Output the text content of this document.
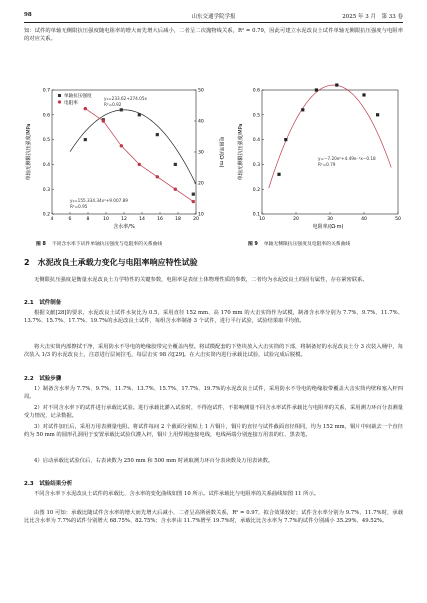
98	山东交通学院学报	2025 年 3 月　第 33 卷
知：试件的单轴无侧限抗压强度随电阻率的增大而先增大后减小，二者呈二次抛物线关系，R² = 0.79，因此可建立水泥改良土试件单轴无侧限抗压强度与电阻率的对应关系。
4	6	8	10	12	14	16	18	20
0.2
0.3
0.4
0.5
0.6
0.7
10
20
30
40
50
含水率/%
单轴无侧限抗压强度/MPa	电阻率/(Ω·m)
单轴抗压强度
电阻率
y₁=233.62+274.05x
R²=0.92
y₂=155.334.34x²+9 007.89
R²=0.95
10	20	30	40	50
0.1
0.2
0.3
0.4
0.5
0.6
电阻率/(Ω·m)
单轴无侧限抗压强度/MPa	y=−7.20e⁵+4.49e⁻²x−0.18
R²=0.79
图 8 不同含水率下试件单轴抗压强度与电阻率的关系曲线	图 9 单轴无侧限抗压强度及电阻率的关系曲线
2　水泥改良土承载力变化与电阻率响应特性试验
无侧限抗压强度是衡量水泥改良土力学特性的关键参数，电阻率是表征土体物理性质的参数，二者均为水泥改良土的固有属性，存在紧密联系。
2.1　试件制备
根据文献[28]的要求，水泥改良土试件水灰比为 0.5，采用直径 152 mm、高 170 mm 的大击实筒作为试模，制备含水率分别为 7.7%、9.7%、11.7%、13.7%、15.7%、17.7%、19.7%的水泥改良土试件，每组含水率制备 3 个试件，进行平行试验，试验结果取平均值。
将大击实筒内部擦拭干净，采用防水不导电的绝缘胶带完全覆盖内壁。将试模配套的下垫块放入大击实筒的下部，将制备好的水泥改良土分 3 次装入桶中，每次装入 1/3 的水泥改良土，注意进行层间拉毛，每层击实 98 次[29]。在大击实筒内进行承载比试验，试验完成后脱模。
2.2　试验步骤
1）制备含水率为 7.7%、9.7%、11.7%、13.7%、15.7%、17.7%、19.7%的水泥改良土试件，采用防水不导电的绝缘胶带覆盖大击实筒内壁和塞入杆四周。
2）对不同含水率下的试件进行承载比试验。进行承载比灌入试验时，不得泡试件，不影响测量不同含水率试件承载比与电阻率的关系，采用测力环百分表测量受力情况，记录数据。
3）对试件加压后，采用万用表测量电阻。将试件每间 2 个截面分别贴上 1 片铜片，铜片的直径与试件截面直径相同，均为 152 mm，铜片中间裁去一个直径约为 50 mm 的圆形孔洞用于安置承载比试验仪灌入杆，铜片上用焊锡连接电线，电线两端分别连接万用表的红、黑表笔。
4）启动承载比试验仪后，右表读数为 250 mm 和 500 mm 时读取测力环百分表读数及万用表读数。
2.3　试验结果分析
不同含水率下水泥改良土试件的承载比、含水率的变化曲线如图 10 所示。试件承载比与电阻率的关系曲线如图 11 所示。
由图 10 可知：承载比随试件含水率的增大而先增大后减小，二者呈高斯函数关系，R² = 0.97，拟合效果较好；试件含水率分别为 9.7%、11.7%时，承载比比含水率为 7.7%的试件分别增大 68.75%、82.75%；含水率由 11.7%增至 19.7%时，承载比比含水率为 7.7%的试件分别减小 35.29%、49.52%。
